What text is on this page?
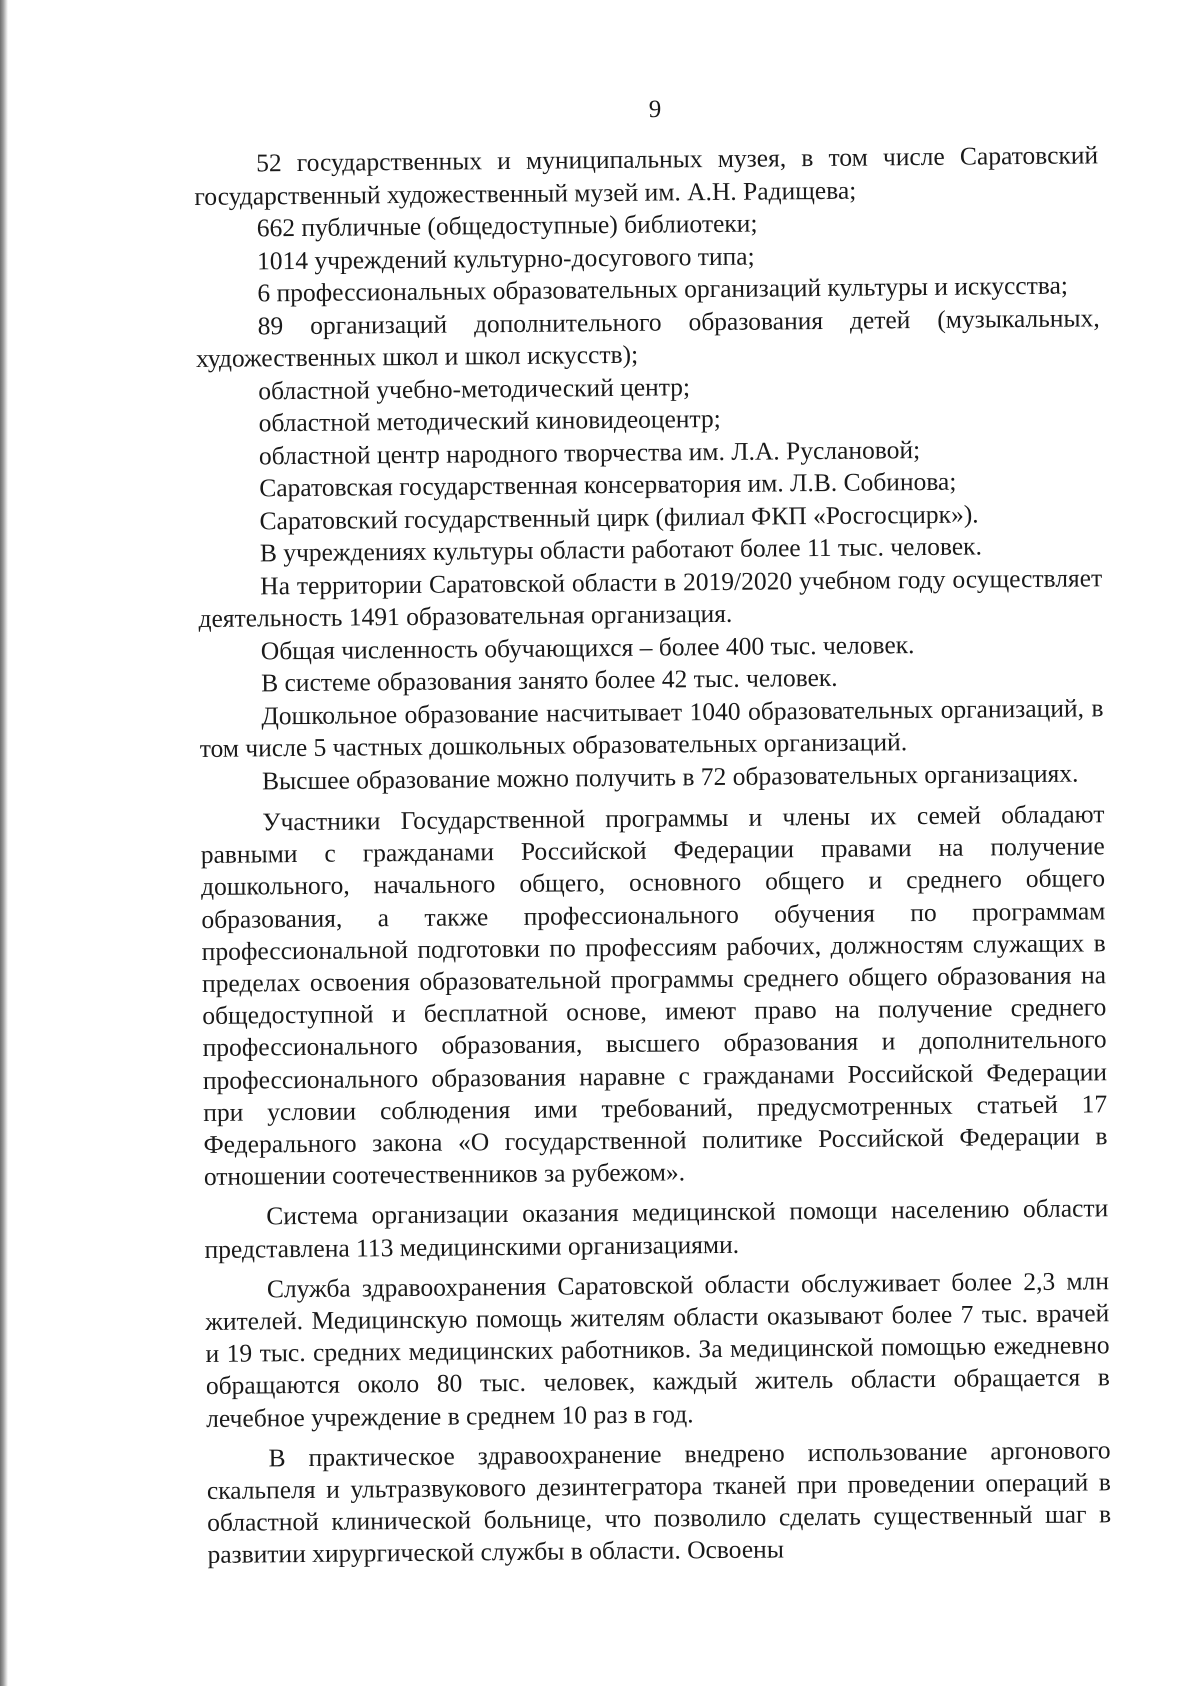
9

52 государственных и муниципальных музея, в том числе Саратовский государственный художественный музей им. А.Н. Радищева;

662 публичные (общедоступные) библиотеки;

1014 учреждений культурно-досугового типа;

6 профессиональных образовательных организаций культуры и искусства;

89 организаций дополнительного образования детей (музыкальных, художественных школ и школ искусств);

областной учебно-методический центр;

областной методический киновидеоцентр;

областной центр народного творчества им. Л.А. Руслановой;

Саратовская государственная консерватория им. Л.В. Собинова;

Саратовский государственный цирк (филиал ФКП «Росгосцирк»).

В учреждениях культуры области работают более 11 тыс. человек.

На территории Саратовской области в 2019/2020 учебном году осуществляет деятельность 1491 образовательная организация.

Общая численность обучающихся – более 400 тыс. человек.

В системе образования занято более 42 тыс. человек.

Дошкольное образование насчитывает 1040 образовательных организаций, в том числе 5 частных дошкольных образовательных организаций.

Высшее образование можно получить в 72 образовательных организациях.

Участники Государственной программы и члены их семей обладают равными с гражданами Российской Федерации правами на получение дошкольного, начального общего, основного общего и среднего общего образования, а также профессионального обучения по программам профессиональной подготовки по профессиям рабочих, должностям служащих в пределах освоения образовательной программы среднего общего образования на общедоступной и бесплатной основе, имеют право на получение среднего профессионального образования, высшего образования и дополнительного профессионального образования наравне с гражданами Российской Федерации при условии соблюдения ими требований, предусмотренных статьей 17 Федерального закона «О государственной политике Российской Федерации в отношении соотечественников за рубежом».

Система организации оказания медицинской помощи населению области представлена 113 медицинскими организациями.

Служба здравоохранения Саратовской области обслуживает более 2,3 млн жителей. Медицинскую помощь жителям области оказывают более 7 тыс. врачей и 19 тыс. средних медицинских работников. За медицинской помощью ежедневно обращаются около 80 тыс. человек, каждый житель области обращается в лечебное учреждение в среднем 10 раз в год.

В практическое здравоохранение внедрено использование аргонового скальпеля и ультразвукового дезинтегратора тканей при проведении операций в областной клинической больнице, что позволило сделать существенный шаг в развитии хирургической службы в области. Освоены
